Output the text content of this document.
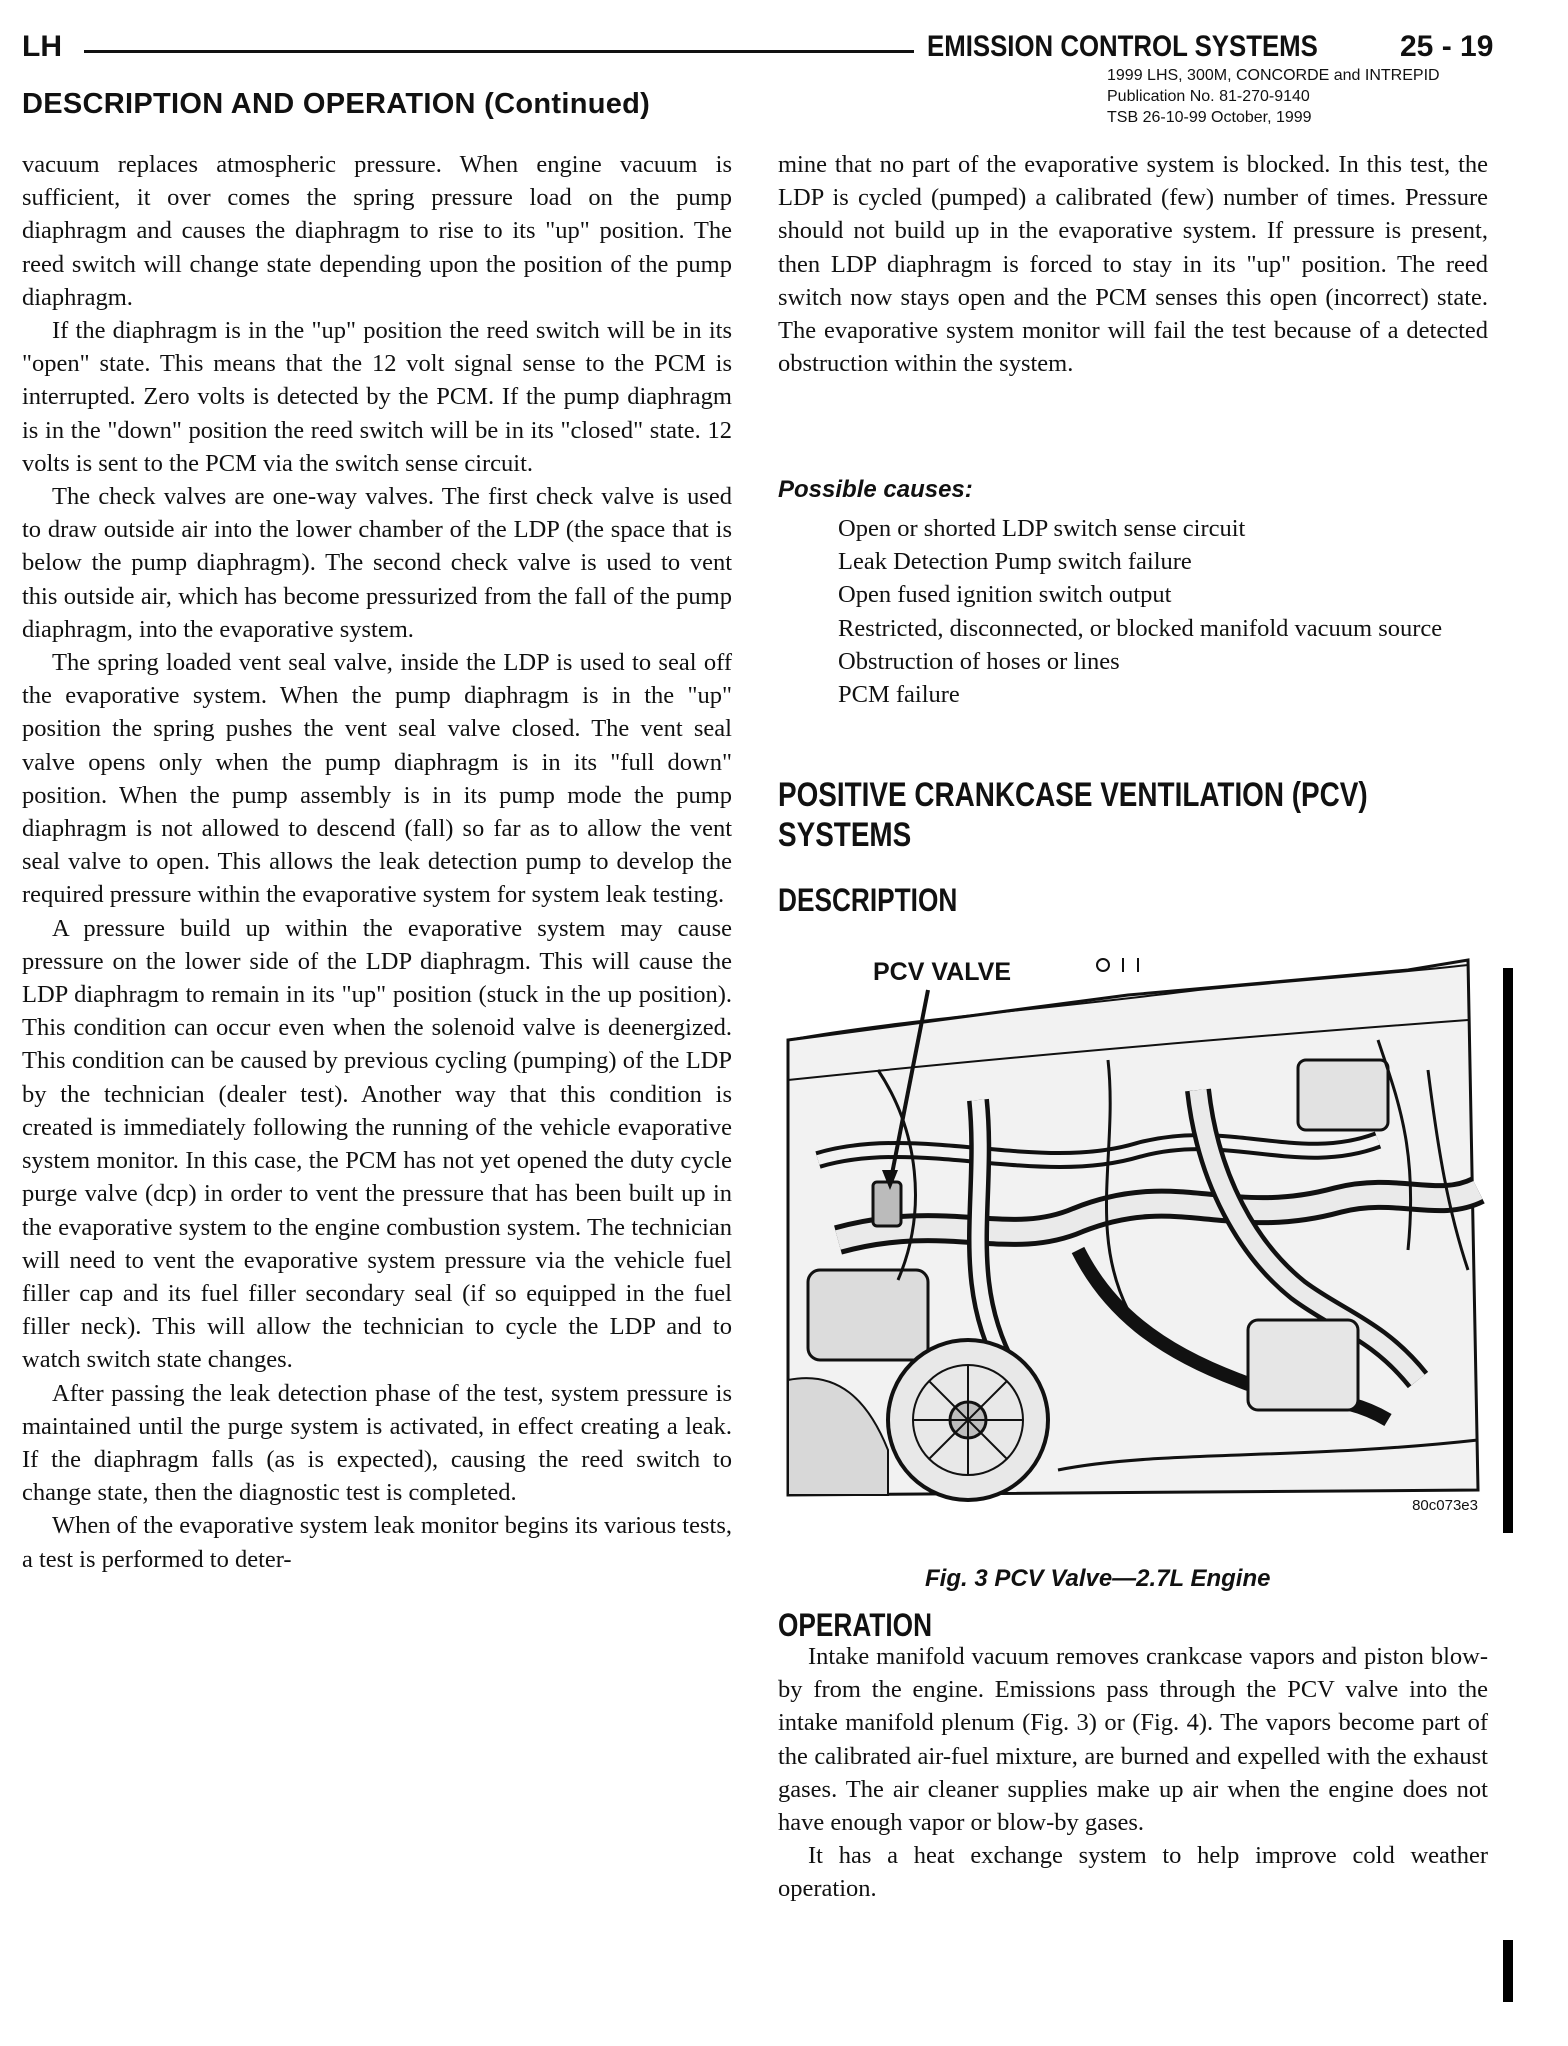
LH	EMISSION CONTROL SYSTEMS	25 - 19
1999 LHS, 300M, CONCORDE and INTREPID
Publication No. 81-270-9140
TSB 26-10-99 October, 1999
DESCRIPTION AND OPERATION (Continued)

vacuum replaces atmospheric pressure. When engine vacuum is sufficient, it over comes the spring pressure load on the pump diaphragm and causes the diaphragm to rise to its "up" position. The reed switch will change state depending upon the position of the pump diaphragm.

If the diaphragm is in the "up" position the reed switch will be in its "open" state. This means that the 12 volt signal sense to the PCM is interrupted. Zero volts is detected by the PCM. If the pump diaphragm is in the "down" position the reed switch will be in its "closed" state. 12 volts is sent to the PCM via the switch sense circuit.

The check valves are one-way valves. The first check valve is used to draw outside air into the lower chamber of the LDP (the space that is below the pump diaphragm). The second check valve is used to vent this outside air, which has become pressurized from the fall of the pump diaphragm, into the evaporative system.

The spring loaded vent seal valve, inside the LDP is used to seal off the evaporative system. When the pump diaphragm is in the "up" position the spring pushes the vent seal valve closed. The vent seal valve opens only when the pump diaphragm is in its "full down" position. When the pump assembly is in its pump mode the pump diaphragm is not allowed to descend (fall) so far as to allow the vent seal valve to open. This allows the leak detection pump to develop the required pressure within the evaporative system for system leak testing.

A pressure build up within the evaporative system may cause pressure on the lower side of the LDP diaphragm. This will cause the LDP diaphragm to remain in its "up" position (stuck in the up position). This condition can occur even when the solenoid valve is deenergized. This condition can be caused by previous cycling (pumping) of the LDP by the technician (dealer test). Another way that this condition is created is immediately following the running of the vehicle evaporative system monitor. In this case, the PCM has not yet opened the duty cycle purge valve (dcp) in order to vent the pressure that has been built up in the evaporative system to the engine combustion system. The technician will need to vent the evaporative system pressure via the vehicle fuel filler cap and its fuel filler secondary seal (if so equipped in the fuel filler neck). This will allow the technician to cycle the LDP and to watch switch state changes.

After passing the leak detection phase of the test, system pressure is maintained until the purge system is activated, in effect creating a leak. If the diaphragm falls (as is expected), causing the reed switch to change state, then the diagnostic test is completed.

When of the evaporative system leak monitor begins its various tests, a test is performed to deter-

mine that no part of the evaporative system is blocked. In this test, the LDP is cycled (pumped) a calibrated (few) number of times. Pressure should not build up in the evaporative system. If pressure is present, then LDP diaphragm is forced to stay in its "up" position. The reed switch now stays open and the PCM senses this open (incorrect) state. The evaporative system monitor will fail the test because of a detected obstruction within the system.

Possible causes:
Open or shorted LDP switch sense circuit
Leak Detection Pump switch failure
Open fused ignition switch output
Restricted, disconnected, or blocked manifold vacuum source
Obstruction of hoses or lines
PCM failure
POSITIVE CRANKCASE VENTILATION (PCV) SYSTEMS
DESCRIPTION
PCV VALVE
80c073e3
Fig. 3 PCV Valve—2.7L Engine
OPERATION

Intake manifold vacuum removes crankcase vapors and piston blow-by from the engine. Emissions pass through the PCV valve into the intake manifold plenum (Fig. 3) or (Fig. 4). The vapors become part of the calibrated air-fuel mixture, are burned and expelled with the exhaust gases. The air cleaner supplies make up air when the engine does not have enough vapor or blow-by gases.

It has a heat exchange system to help improve cold weather operation.
